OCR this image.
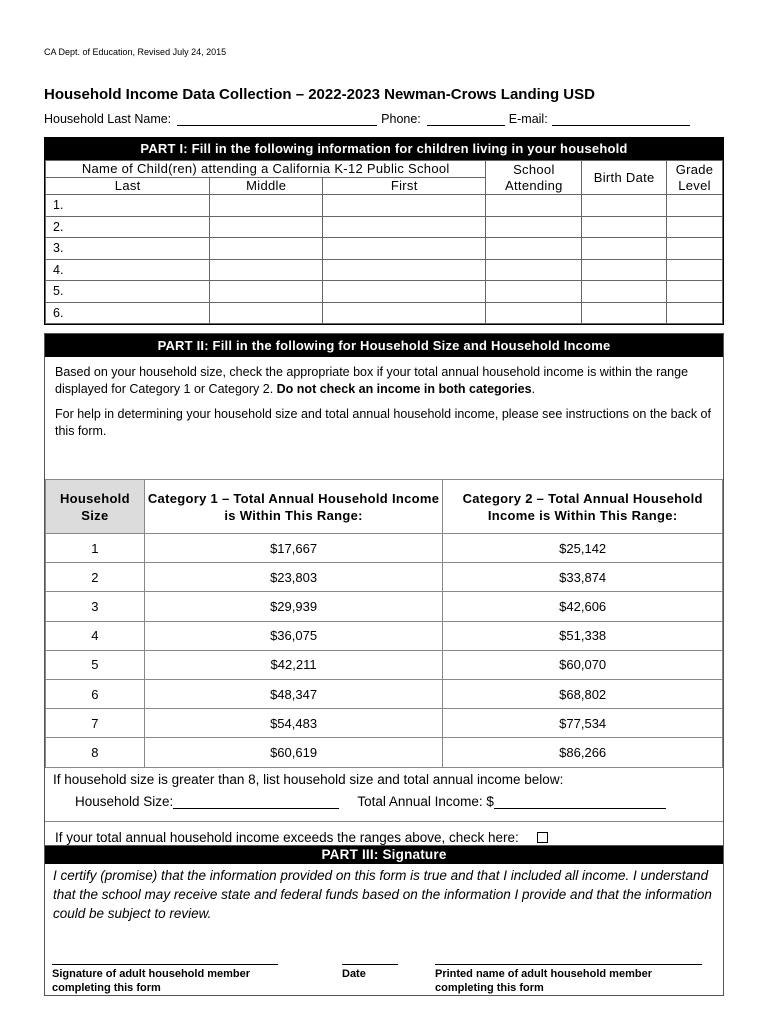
CA Dept. of Education, Revised July 24, 2015
Household Income Data Collection – 2022-2023 Newman-Crows Landing USD
Household Last Name:	Phone:	E-mail:
PART I: Fill in the following information for children living in your household
Name of Child(ren) attending a California K-12 Public School			School Attending	Birth Date	Grade Level
Last	Middle	First			
1.					
2.					
3.					
4.					
5.					
6.					
PART II: Fill in the following for Household Size and Household Income

Based on your household size, check the appropriate box if your total annual household income is within the range displayed for Category 1 or Category 2. Do not check an income in both categories.

For help in determining your household size and total annual household income, please see instructions on the back of this form.

Household Size	Category 1 – Total Annual Household Income is Within This Range:	Category 2 – Total Annual Household Income is Within This Range:
1	$17,667	$25,142
2	$23,803	$33,874
3	$29,939	$42,606
4	$36,075	$51,338
5	$42,211	$60,070
6	$48,347	$68,802
7	$54,483	$77,534
8	$60,619	$86,266
If household size is greater than 8, list household size and total annual income below:
Household Size:	Total Annual Income: $
If your total annual household income exceeds the ranges above, check here:
PART III: Signature
I certify (promise) that the information provided on this form is true and that I included all income. I understand that the school may receive state and federal funds based on the information I provide and that the information could be subject to review.
Signature of adult household member completing this form
Date	Printed name of adult household member completing this form
